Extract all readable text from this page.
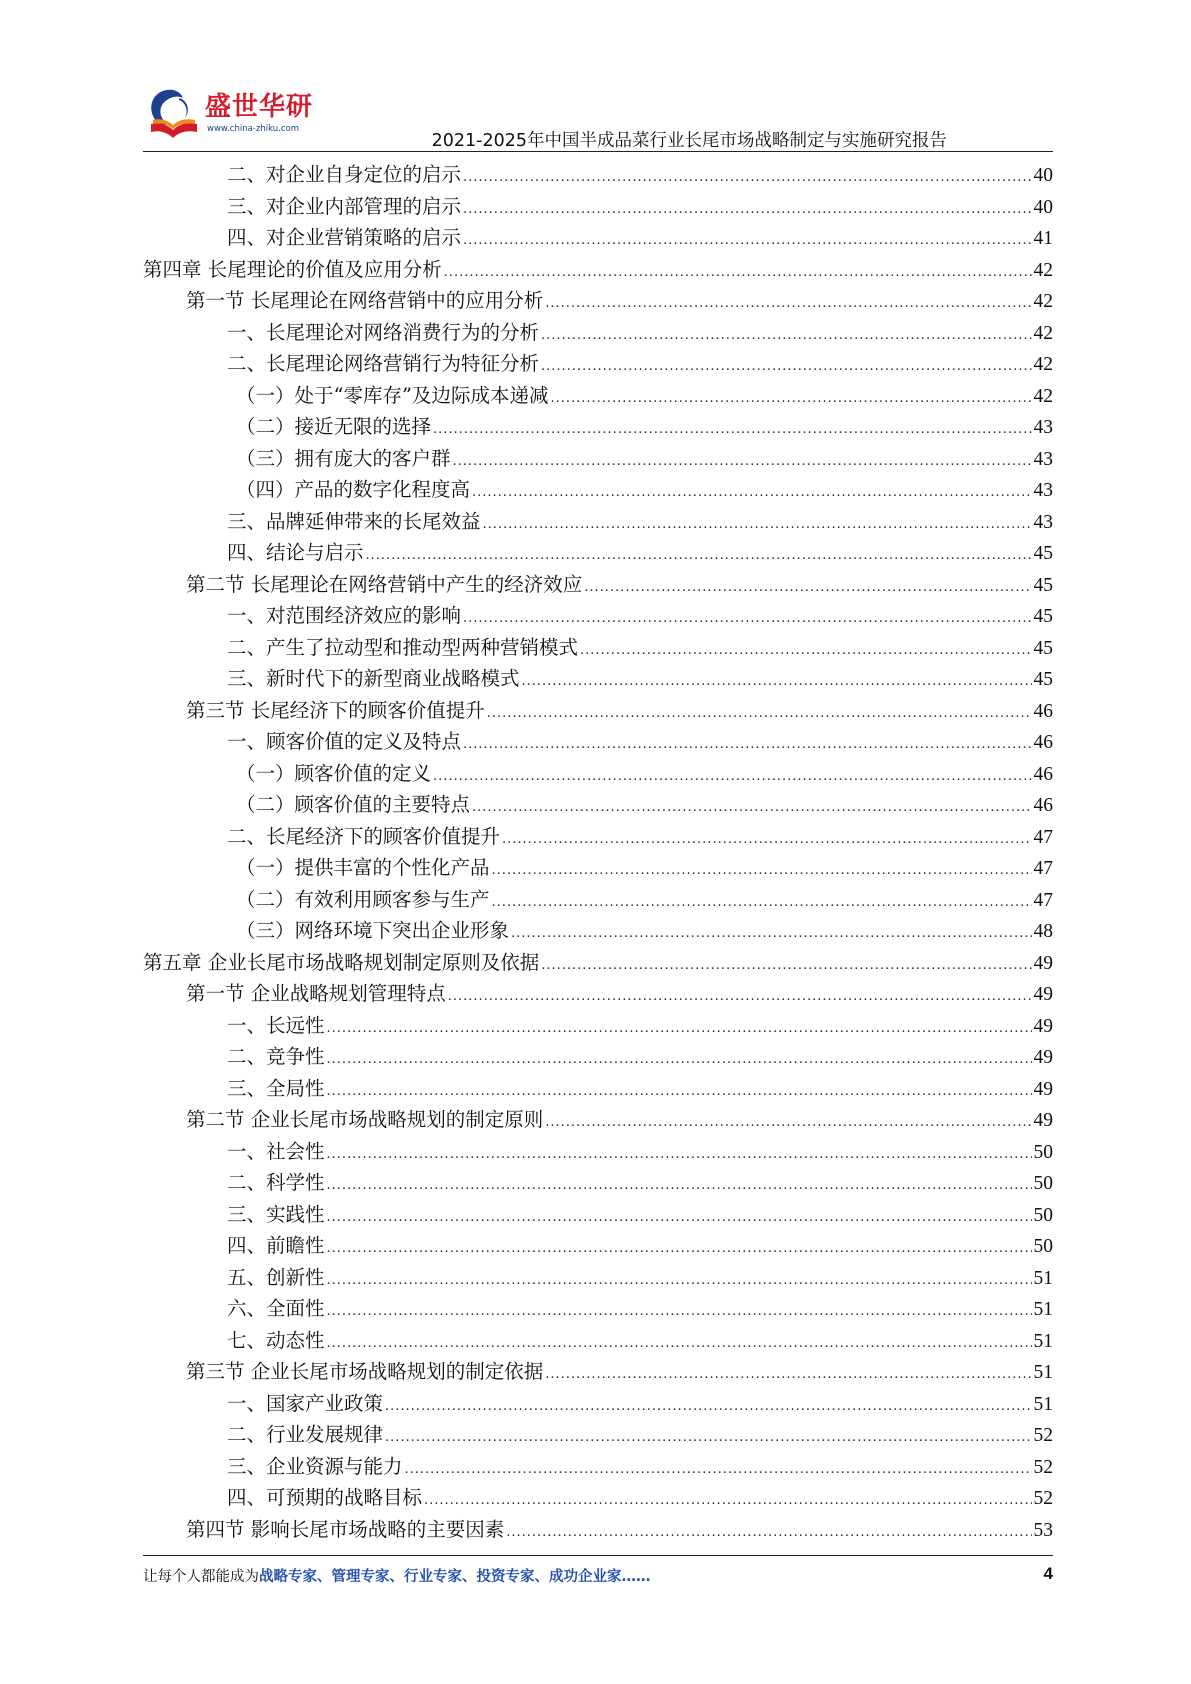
盛世华研
www.china-zhiku.com
2021-2025年中国半成品菜行业长尾市场战略制定与实施研究报告
二、对企业自身定位的启示 .....	40
三、对企业内部管理的启示 .....	40
四、对企业营销策略的启示 .....	41
第四章 长尾理论的价值及应用分析 .....	42
第一节 长尾理论在网络营销中的应用分析 .....	42
一、长尾理论对网络消费行为的分析 .....	42
二、长尾理论网络营销行为特征分析 .....	42
（一）处于“零库存”及边际成本递减 .....	42
（二）接近无限的选择 .....	43
（三）拥有庞大的客户群 .....	43
（四）产品的数字化程度高 .....	43
三、品牌延伸带来的长尾效益 .....	43
四、结论与启示 .....	45
第二节 长尾理论在网络营销中产生的经济效应 .....	45
一、对范围经济效应的影响 .....	45
二、产生了拉动型和推动型两种营销模式 .....	45
三、新时代下的新型商业战略模式 .....	45
第三节 长尾经济下的顾客价值提升 .....	46
一、顾客价值的定义及特点 .....	46
（一）顾客价值的定义 .....	46
（二）顾客价值的主要特点 .....	46
二、长尾经济下的顾客价值提升 .....	47
（一）提供丰富的个性化产品 .....	47
（二）有效利用顾客参与生产 .....	47
（三）网络环境下突出企业形象 .....	48
第五章 企业长尾市场战略规划制定原则及依据 .....	49
第一节 企业战略规划管理特点 .....	49
一、长远性 .....	49
二、竞争性 .....	49
三、全局性 .....	49
第二节 企业长尾市场战略规划的制定原则 .....	49
一、社会性 .....	50
二、科学性 .....	50
三、实践性 .....	50
四、前瞻性 .....	50
五、创新性 .....	51
六、全面性 .....	51
七、动态性 .....	51
第三节 企业长尾市场战略规划的制定依据 .....	51
一、国家产业政策 .....	51
二、行业发展规律 .....	52
三、企业资源与能力 .....	52
四、可预期的战略目标 .....	52
第四节 影响长尾市场战略的主要因素 .....	53
让每个人都能成为战略专家、管理专家、行业专家、投资专家、成功企业家……	4
